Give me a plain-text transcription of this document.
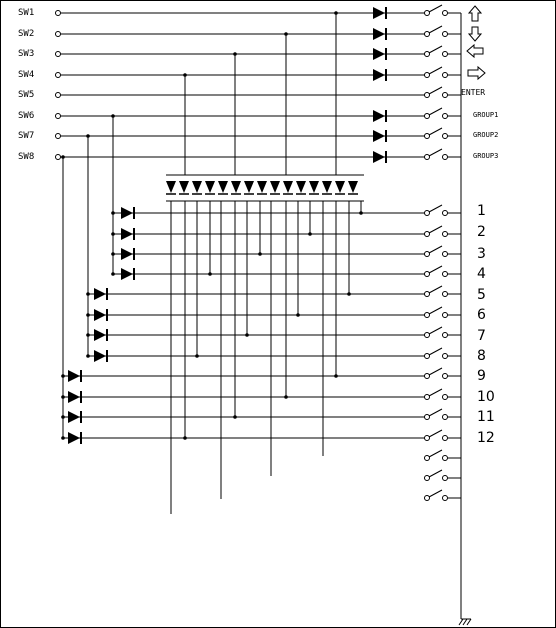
SW1
SW2
SW3
SW4
SW5
SW6
SW7
SW8
ENTER
GROUP1
GROUP2
GROUP3
1
2
3
4
5
6
7
8
9
10
11
12
